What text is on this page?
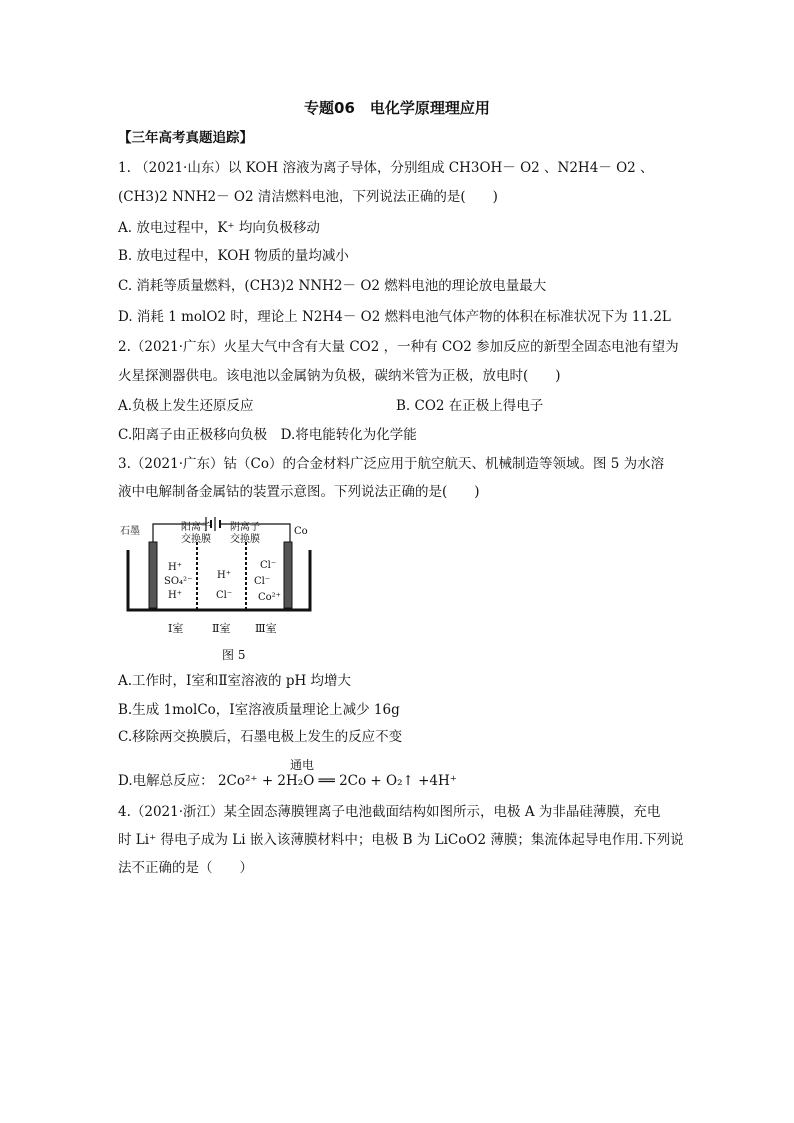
专题06　电化学原理理应用
【三年高考真题追踪】
1. （2021·山东）以 KOH 溶液为离子导体，分别组成 CH3OH－ O2 、N2H4－ O2 、
(CH3)2 NNH2－ O2 清洁燃料电池，下列说法正确的是(　　)
A. 放电过程中，K⁺ 均向负极移动
B. 放电过程中，KOH 物质的量均减小
C. 消耗等质量燃料，(CH3)2 NNH2－ O2 燃料电池的理论放电量最大
D. 消耗 1 molO2 时，理论上 N2H4－ O2 燃料电池气体产物的体积在标准状况下为 11.2L
2.（2021·广东）火星大气中含有大量 CO2 ，一种有 CO2 参加反应的新型全固态电池有望为
火星探测器供电。该电池以金属钠为负极，碳纳米管为正极，放电时(　　)
A.负极上发生还原反应	B. CO2 在正极上得电子
C.阳离子由正极移向负极　D.将电能转化为化学能
3.（2021·广东）钴（Co）的合金材料广泛应用于航空航天、机械制造等领域。图 5 为水溶
液中电解制备金属钴的装置示意图。下列说法正确的是(　　)
石墨	Co
阳离子
交换膜
阴离子
交换膜
H⁺
SO₄²⁻
H⁺
H⁺
Cl⁻
Cl⁻
Cl⁻
Co²⁺
Ⅰ室	Ⅱ室 Ⅲ室
图 5
A.工作时，Ⅰ室和Ⅱ室溶液的 pH 均增大
B.生成 1molCo，Ⅰ室溶液质量理论上减少 16g
C.移除两交换膜后，石墨电极上发生的反应不变
D.电解总反应：
通电
2Co²⁺ + 2H₂O ══ 2Co + O₂↑ +4H⁺
4.（2021·浙江）某全固态薄膜锂离子电池截面结构如图所示，电极 A 为非晶硅薄膜，充电
时 Li⁺ 得电子成为 Li 嵌入该薄膜材料中；电极 B 为 LiCoO2 薄膜；集流体起导电作用.下列说
法不正确的是（　　）
